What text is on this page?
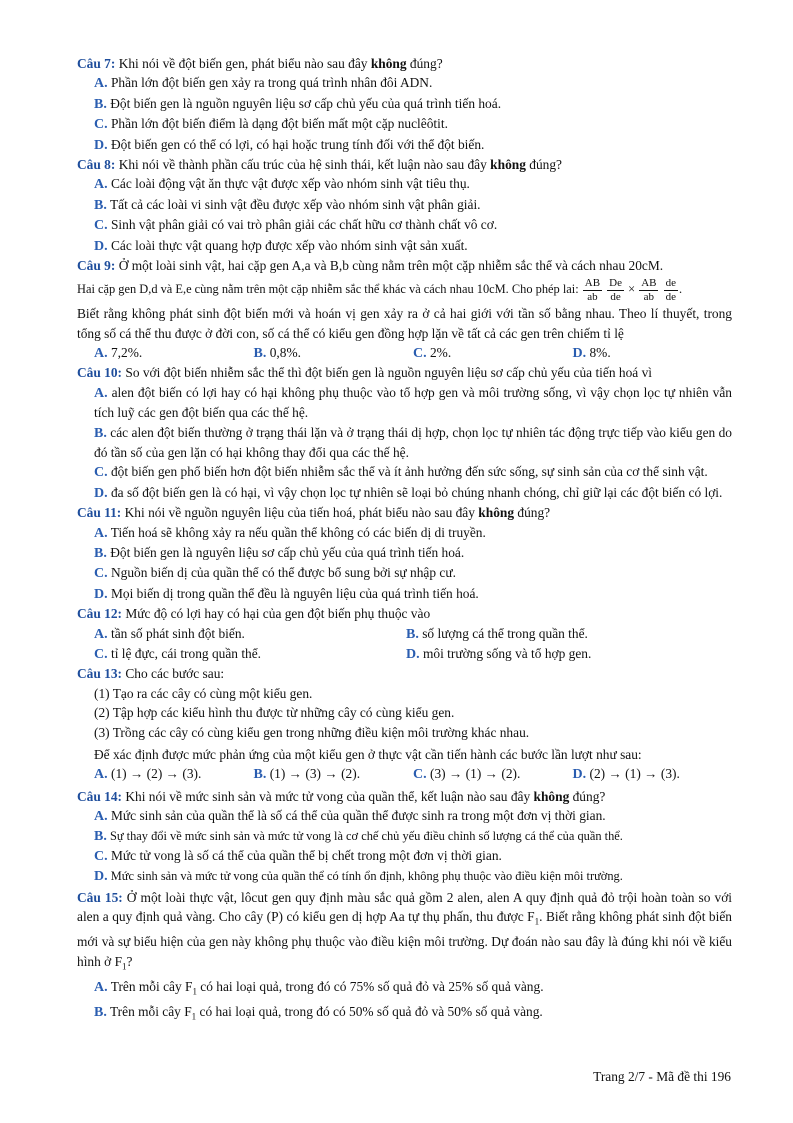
Câu 7: Khi nói về đột biến gen, phát biểu nào sau đây không đúng?
A. Phần lớn đột biến gen xảy ra trong quá trình nhân đôi ADN.
B. Đột biến gen là nguồn nguyên liệu sơ cấp chủ yếu của quá trình tiến hoá.
C. Phần lớn đột biến điểm là dạng đột biến mất một cặp nuclêôtit.
D. Đột biến gen có thể có lợi, có hại hoặc trung tính đối với thể đột biến.
Câu 8: Khi nói về thành phần cấu trúc của hệ sinh thái, kết luận nào sau đây không đúng?
A. Các loài động vật ăn thực vật được xếp vào nhóm sinh vật tiêu thụ.
B. Tất cả các loài vi sinh vật đều được xếp vào nhóm sinh vật phân giải.
C. Sinh vật phân giải có vai trò phân giải các chất hữu cơ thành chất vô cơ.
D. Các loài thực vật quang hợp được xếp vào nhóm sinh vật sản xuất.
Câu 9: Ở một loài sinh vật, hai cặp gen A,a và B,b cùng nằm trên một cặp nhiễm sắc thể và cách nhau 20cM.
Hai cặp gen D,d và E,e cùng nằm trên một cặp nhiễm sắc thể khác và cách nhau 10cM. Cho phép lai: $\frac{AB}{ab}$
$\frac{De}{de} \times \frac{AB}{ab}$
$\frac{de}{de}$ .
Biết rằng không phát sinh đột biến mới và hoán vị gen xảy ra ở cả hai giới với tần số bằng nhau. Theo lí thuyết, trong tổng số cá thể thu được ở đời con, số cá thể có kiểu gen đồng hợp lặn về tất cả các gen trên chiếm tỉ lệ
A. 7,2%.	B. 0,8%.	C. 2%.	D. 8%.
Câu 10: So với đột biến nhiễm sắc thể thì đột biến gen là nguồn nguyên liệu sơ cấp chủ yếu của tiến hoá vì
A. alen đột biến có lợi hay có hại không phụ thuộc vào tổ hợp gen và môi trường sống, vì vậy chọn lọc tự nhiên vẫn tích luỹ các gen đột biến qua các thế hệ.
B. các alen đột biến thường ở trạng thái lặn và ở trạng thái dị hợp, chọn lọc tự nhiên tác động trực tiếp vào kiểu gen do đó tần số của gen lặn có hại không thay đổi qua các thế hệ.
C. đột biến gen phổ biến hơn đột biến nhiễm sắc thể và ít ảnh hưởng đến sức sống, sự sinh sản của cơ thể sinh vật.
D. đa số đột biến gen là có hại, vì vậy chọn lọc tự nhiên sẽ loại bỏ chúng nhanh chóng, chỉ giữ lại các đột biến có lợi.
Câu 11: Khi nói về nguồn nguyên liệu của tiến hoá, phát biểu nào sau đây không đúng?
A. Tiến hoá sẽ không xảy ra nếu quần thể không có các biến dị di truyền.
B. Đột biến gen là nguyên liệu sơ cấp chủ yếu của quá trình tiến hoá.
C. Nguồn biến dị của quần thể có thể được bổ sung bởi sự nhập cư.
D. Mọi biến dị trong quần thể đều là nguyên liệu của quá trình tiến hoá.
Câu 12: Mức độ có lợi hay có hại của gen đột biến phụ thuộc vào
A. tần số phát sinh đột biến.	B. số lượng cá thể trong quần thể.
C. tỉ lệ đực, cái trong quần thể.	D. môi trường sống và tổ hợp gen.
Câu 13: Cho các bước sau:
(1) Tạo ra các cây có cùng một kiểu gen.
(2) Tập hợp các kiểu hình thu được từ những cây có cùng kiểu gen.
(3) Trồng các cây có cùng kiểu gen trong những điều kiện môi trường khác nhau.
Để xác định được mức phản ứng của một kiểu gen ở thực vật cần tiến hành các bước lần lượt như sau:
A. (1) → (2) → (3).	B. (1) → (3) → (2).	C. (3) → (1) → (2).	D. (2) → (1) → (3).
Câu 14: Khi nói về mức sinh sản và mức tử vong của quần thể, kết luận nào sau đây không đúng?
A. Mức sinh sản của quần thể là số cá thể của quần thể được sinh ra trong một đơn vị thời gian.
B. Sự thay đổi về mức sinh sản và mức tử vong là cơ chế chủ yếu điều chỉnh số lượng cá thể của quần thể.
C. Mức tử vong là số cá thể của quần thể bị chết trong một đơn vị thời gian.
D. Mức sinh sản và mức tử vong của quần thể có tính ổn định, không phụ thuộc vào điều kiện môi trường.
Câu 15: Ở một loài thực vật, lôcut gen quy định màu sắc quả gồm 2 alen, alen A quy định quả đỏ trội hoàn toàn so với alen a quy định quả vàng. Cho cây (P) có kiểu gen dị hợp Aa tự thụ phấn, thu được $F_1$. Biết rằng không phát sinh đột biến mới và sự biểu hiện của gen này không phụ thuộc vào điều kiện môi trường. Dự đoán nào sau đây là đúng khi nói về kiểu hình ở $F_1$?
A. Trên mỗi cây $F_1$ có hai loại quả, trong đó có 75% số quả đỏ và 25% số quả vàng.
B. Trên mỗi cây $F_1$ có hai loại quả, trong đó có 50% số quả đỏ và 50% số quả vàng.
Trang 2/7 - Mã đề thi 196
